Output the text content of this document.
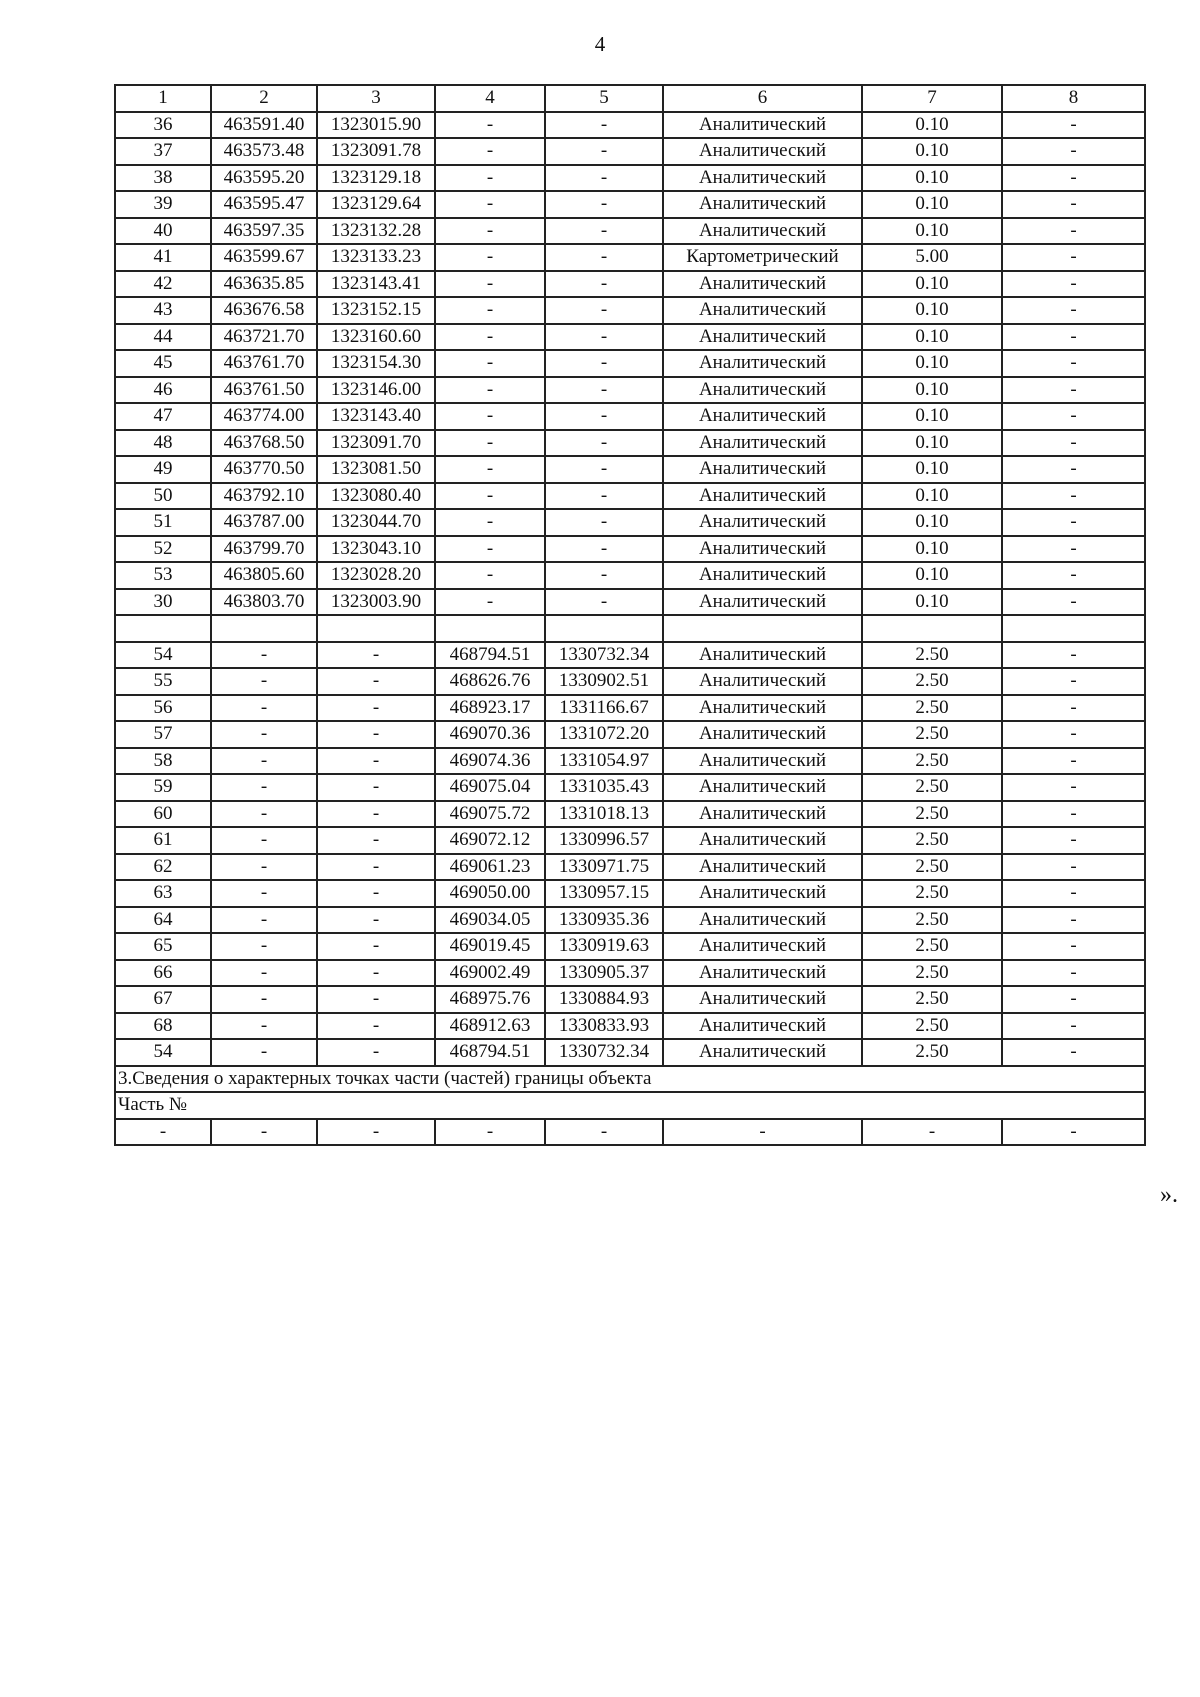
4
1	2	3	4	5	6	7	8
36	463591.40	1323015.90	-	-	Аналитический	0.10	-
37	463573.48	1323091.78	-	-	Аналитический	0.10	-
38	463595.20	1323129.18	-	-	Аналитический	0.10	-
39	463595.47	1323129.64	-	-	Аналитический	0.10	-
40	463597.35	1323132.28	-	-	Аналитический	0.10	-
41	463599.67	1323133.23	-	-	Картометрический	5.00	-
42	463635.85	1323143.41	-	-	Аналитический	0.10	-
43	463676.58	1323152.15	-	-	Аналитический	0.10	-
44	463721.70	1323160.60	-	-	Аналитический	0.10	-
45	463761.70	1323154.30	-	-	Аналитический	0.10	-
46	463761.50	1323146.00	-	-	Аналитический	0.10	-
47	463774.00	1323143.40	-	-	Аналитический	0.10	-
48	463768.50	1323091.70	-	-	Аналитический	0.10	-
49	463770.50	1323081.50	-	-	Аналитический	0.10	-
50	463792.10	1323080.40	-	-	Аналитический	0.10	-
51	463787.00	1323044.70	-	-	Аналитический	0.10	-
52	463799.70	1323043.10	-	-	Аналитический	0.10	-
53	463805.60	1323028.20	-	-	Аналитический	0.10	-
30	463803.70	1323003.90	-	-	Аналитический	0.10	-

54	-	-	468794.51	1330732.34	Аналитический	2.50	-
55	-	-	468626.76	1330902.51	Аналитический	2.50	-
56	-	-	468923.17	1331166.67	Аналитический	2.50	-
57	-	-	469070.36	1331072.20	Аналитический	2.50	-
58	-	-	469074.36	1331054.97	Аналитический	2.50	-
59	-	-	469075.04	1331035.43	Аналитический	2.50	-
60	-	-	469075.72	1331018.13	Аналитический	2.50	-
61	-	-	469072.12	1330996.57	Аналитический	2.50	-
62	-	-	469061.23	1330971.75	Аналитический	2.50	-
63	-	-	469050.00	1330957.15	Аналитический	2.50	-
64	-	-	469034.05	1330935.36	Аналитический	2.50	-
65	-	-	469019.45	1330919.63	Аналитический	2.50	-
66	-	-	469002.49	1330905.37	Аналитический	2.50	-
67	-	-	468975.76	1330884.93	Аналитический	2.50	-
68	-	-	468912.63	1330833.93	Аналитический	2.50	-
54	-	-	468794.51	1330732.34	Аналитический	2.50	-
3.Сведения о характерных точках части (частей) границы объекта							
Часть №							
-	-	-	-	-	-	-	-
».
